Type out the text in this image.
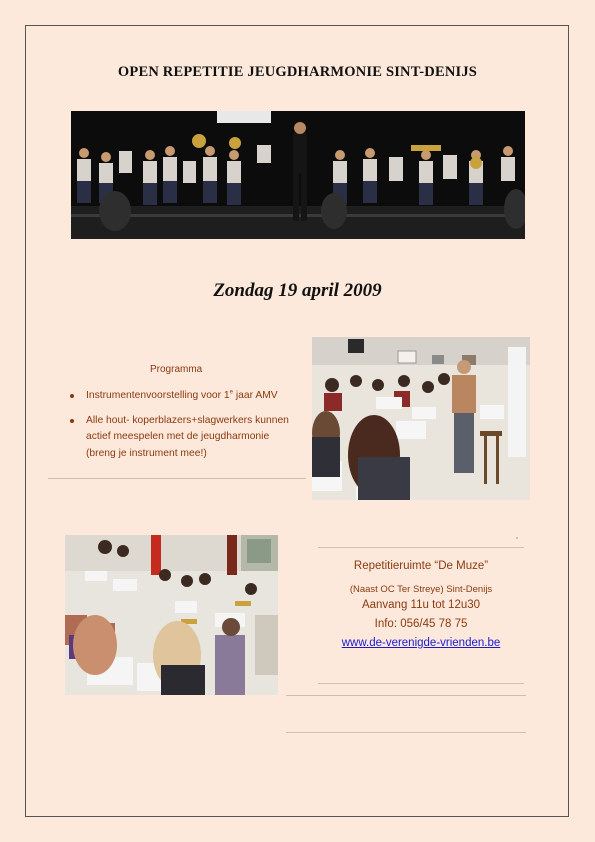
OPEN REPETITIE JEUGDHARMONIE SINT-DENIJS
Zondag 19 april 2009
Programma
Instrumentenvoorstelling voor 1e jaar AMV
Alle hout- koperblazers+slagwerkers kunnen
actief meespelen met de jeugdharmonie
(breng je instrument mee!)
Repetitieruimte “De Muze”
(Naast OC Ter Streye) Sint-Denijs
Aanvang 11u tot 12u30
Info: 056/45 78 75
www.de-verenigde-vrienden.be
